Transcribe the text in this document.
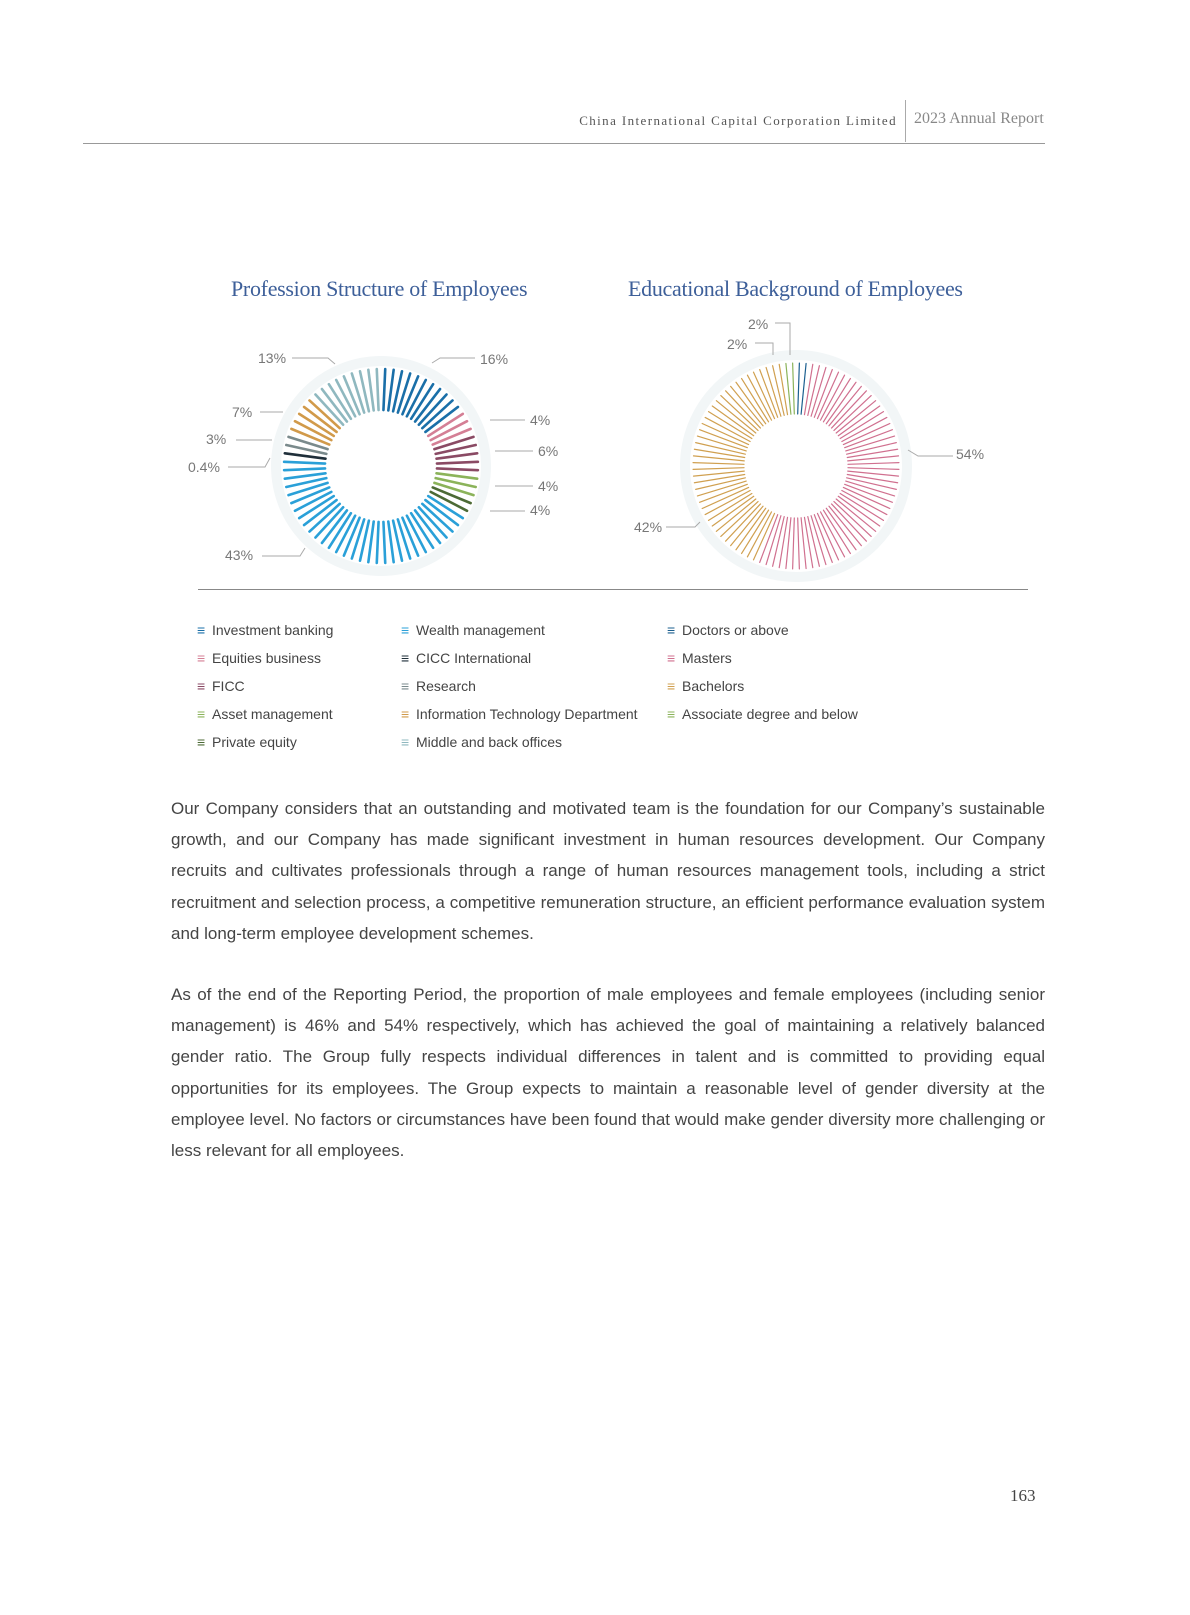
China International Capital Corporation Limited 2023 Annual Report
Profession Structure of Employees	Educational Background of Employees
16%
4%
6%
4%
4%
43%
0.4%
3%
7%
13%
2%
54%
42%
2%
≡ Investment banking
≡ Equities business
≡ FICC
≡ Asset management
≡ Private equity
≡ Wealth management
≡ CICC International
≡ Research
≡ Information Technology Department
≡ Middle and back offices
≡ Doctors or above
≡ Masters
≡ Bachelors
≡ Associate degree and below
Our Company considers that an outstanding and motivated team is the foundation for our Company’s sustainable growth, and our Company has made significant investment in human resources development. Our Company recruits and cultivates professionals through a range of human resources management tools, including a strict recruitment and selection process, a competitive remuneration structure, an efficient performance evaluation system and long-term employee development schemes.
As of the end of the Reporting Period, the proportion of male employees and female employees (including senior management) is 46% and 54% respectively, which has achieved the goal of maintaining a relatively balanced gender ratio. The Group fully respects individual differences in talent and is committed to providing equal opportunities for its employees. The Group expects to maintain a reasonable level of gender diversity at the employee level. No factors or circumstances have been found that would make gender diversity more challenging or less relevant for all employees.
163
